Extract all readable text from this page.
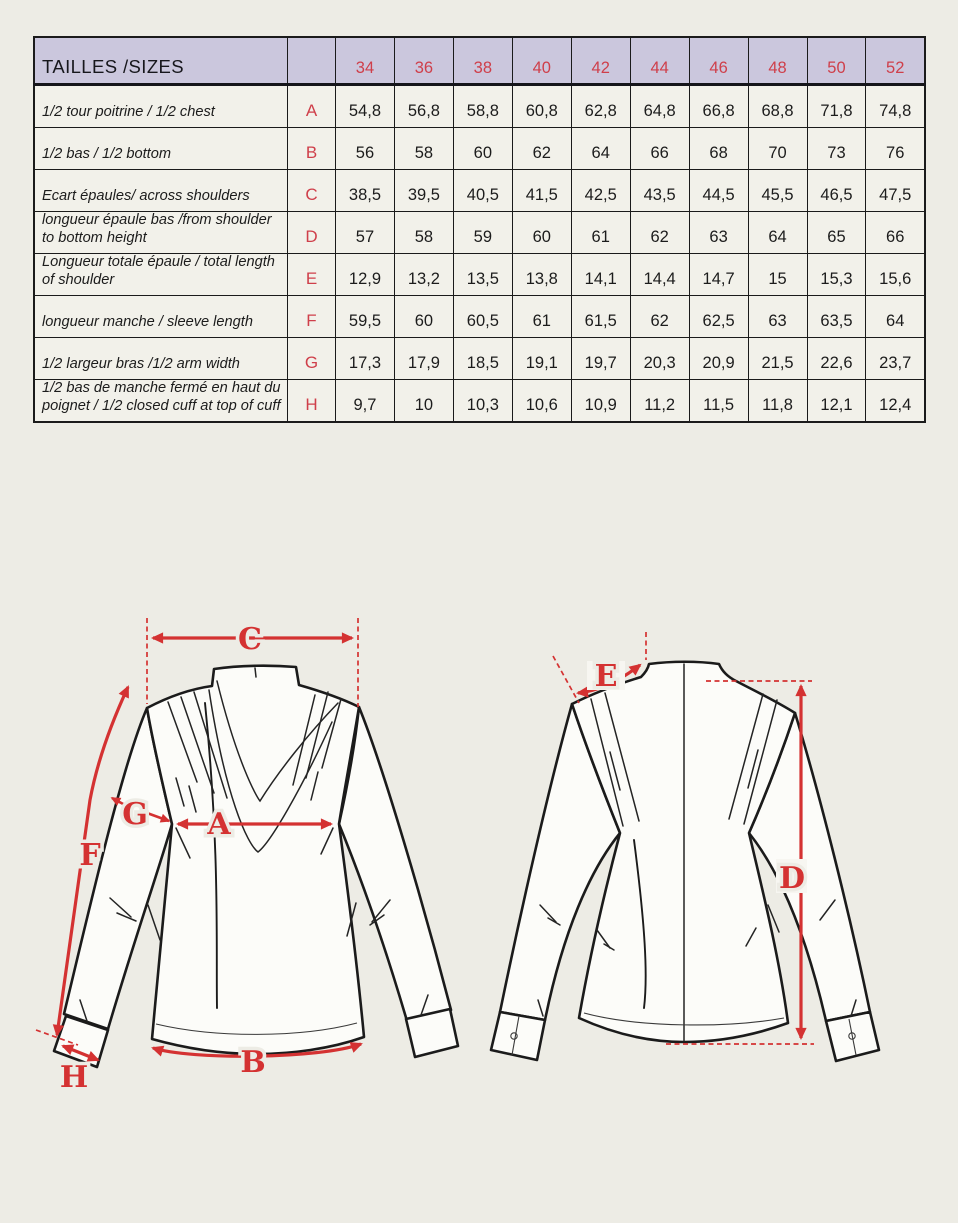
TAILLES /SIZES		34	36	38	40	42	44	46	48	50	52
1/2 tour poitrine / 1/2 chest	A	54,8	56,8	58,8	60,8	62,8	64,8	66,8	68,8	71,8	74,8
1/2 bas / 1/2 bottom	B	56	58	60	62	64	66	68	70	73	76
Ecart épaules/ across shoulders	C	38,5	39,5	40,5	41,5	42,5	43,5	44,5	45,5	46,5	47,5
longueur épaule bas /from shoulder to bottom height	D	57	58	59	60	61	62	63	64	65	66
Longueur totale épaule / total length of shoulder	E	12,9	13,2	13,5	13,8	14,1	14,4	14,7	15	15,3	15,6
longueur manche / sleeve length	F	59,5	60	60,5	61	61,5	62	62,5	63	63,5	64
1/2 largeur bras /1/2 arm width	G	17,3	17,9	18,5	19,1	19,7	20,3	20,9	21,5	22,6	23,7
1/2 bas de manche fermé en haut du poignet / 1/2 closed cuff at top of cuff	H	9,7	10	10,3	10,6	10,9	11,2	11,5	11,8	12,1	12,4
C
F
G A
B
H
E
D
